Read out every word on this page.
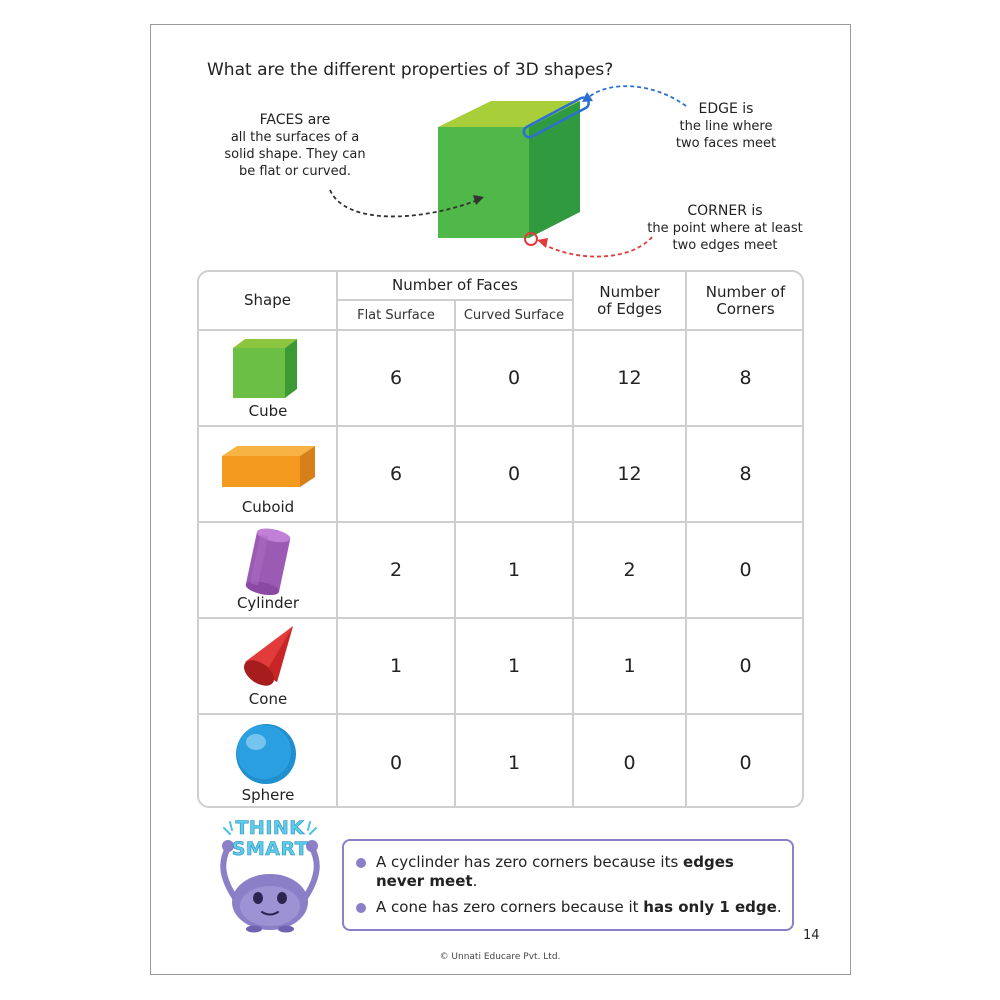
What are the different properties of 3D shapes?
FACES are
all the surfaces of a solid shape. They can be flat or curved.
EDGE is
the line where two faces meet
CORNER is
the point where at least two edges meet
Shape
Number of Faces
Flat Surface	Curved Surface
Number of Edges
Number of Corners
Cube
6	0	12	8
Cuboid
6	0	12	8
Cylinder
2	1	2	0
Cone
1	1	1	0
Sphere
0	1	0	0
THINK
SMART
A cyclinder has zero corners because its edges never meet.
A cone has zero corners because it has only 1 edge.
14
© Unnati Educare Pvt. Ltd.
